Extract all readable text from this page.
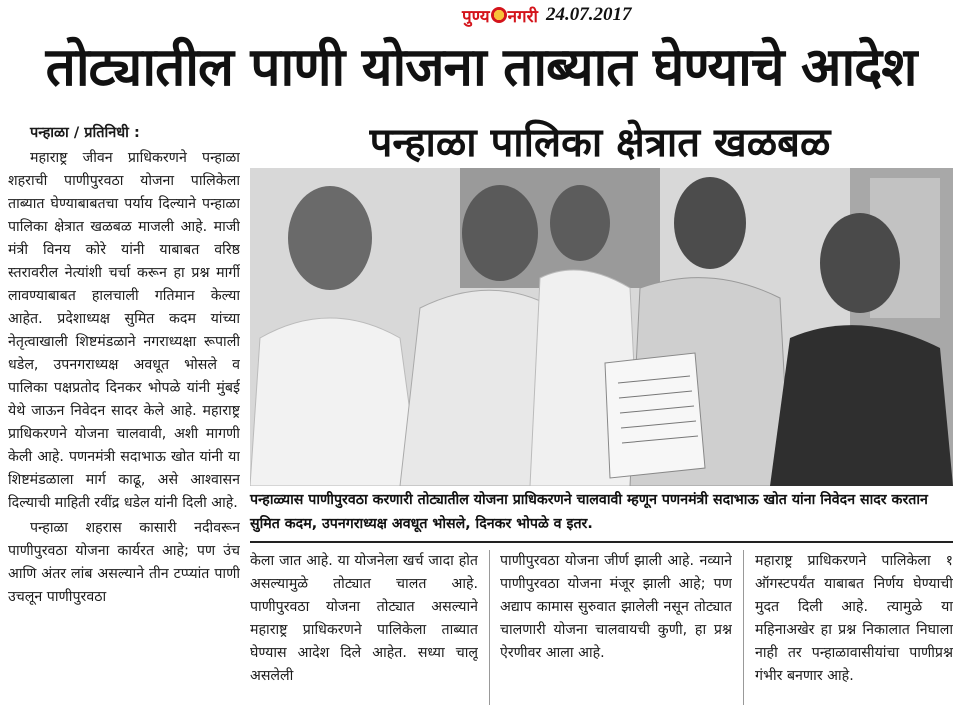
पुण्य नगरी 24.07.2017
तोट्यातील पाणी योजना ताब्यात घेण्याचे आदेश
पन्हाळा पालिका क्षेत्रात खळबळ
पन्हाळा / प्रतिनिधी :

महाराष्ट्र जीवन प्राधिकरणने पन्हाळा शहराची पाणीपुरवठा योजना पालिकेला ताब्यात घेण्याबाबतचा पर्याय दिल्याने पन्हाळा पालिका क्षेत्रात खळबळ माजली आहे. माजी मंत्री विनय कोरे यांनी याबाबत वरिष्ठ स्तरावरील नेत्यांशी चर्चा करून हा प्रश्न मार्गी लावण्याबाबत हालचाली गतिमान केल्या आहेत. प्रदेशाध्यक्ष सुमित कदम यांच्या नेतृत्वाखाली शिष्टमंडळाने नगराध्यक्षा रूपाली धडेल, उपनगराध्यक्ष अवधूत भोसले व पालिका पक्षप्रतोद दिनकर भोपळे यांनी मुंबई येथे जाऊन निवेदन सादर केले आहे. महाराष्ट्र प्राधिकरणने योजना चालवावी, अशी मागणी केली आहे. पणनमंत्री सदाभाऊ खोत यांनी या शिष्टमंडळाला मार्ग काढू, असे आश्वासन दिल्याची माहिती रवींद्र धडेल यांनी दिली आहे.

पन्हाळा शहरास कासारी नदीवरून पाणीपुरवठा योजना कार्यरत आहे; पण उंच आणि अंतर लांब असल्याने तीन टप्प्यांत पाणी उचलून पाणीपुरवठा

पन्हाळ्यास पाणीपुरवठा करणारी तोट्यातील योजना प्राधिकरणने चालवावी म्हणून पणनमंत्री सदाभाऊ खोत यांना निवेदन सादर करतान सुमित कदम, उपनगराध्यक्ष अवधूत भोसले, दिनकर भोपळे व इतर.

केला जात आहे. या योजनेला खर्च जादा होत असल्यामुळे तोट्यात चालत आहे. पाणीपुरवठा योजना तोट्यात असल्याने महाराष्ट्र प्राधिकरणने पालिकेला ताब्यात घेण्यास आदेश दिले आहेत. सध्या चालू असलेली

पाणीपुरवठा योजना जीर्ण झाली आहे. नव्याने पाणीपुरवठा योजना मंजूर झाली आहे; पण अद्याप कामास सुरुवात झालेली नसून तोट्यात चालणारी योजना चालवायची कुणी, हा प्रश्न ऐरणीवर आला आहे.

महाराष्ट्र प्राधिकरणने पालिकेला १ ऑगस्टपर्यंत याबाबत निर्णय घेण्याची मुदत दिली आहे. त्यामुळे या महिनाअखेर हा प्रश्न निकालात निघाला नाही तर पन्हाळावासीयांचा पाणीप्रश्न गंभीर बनणार आहे.
